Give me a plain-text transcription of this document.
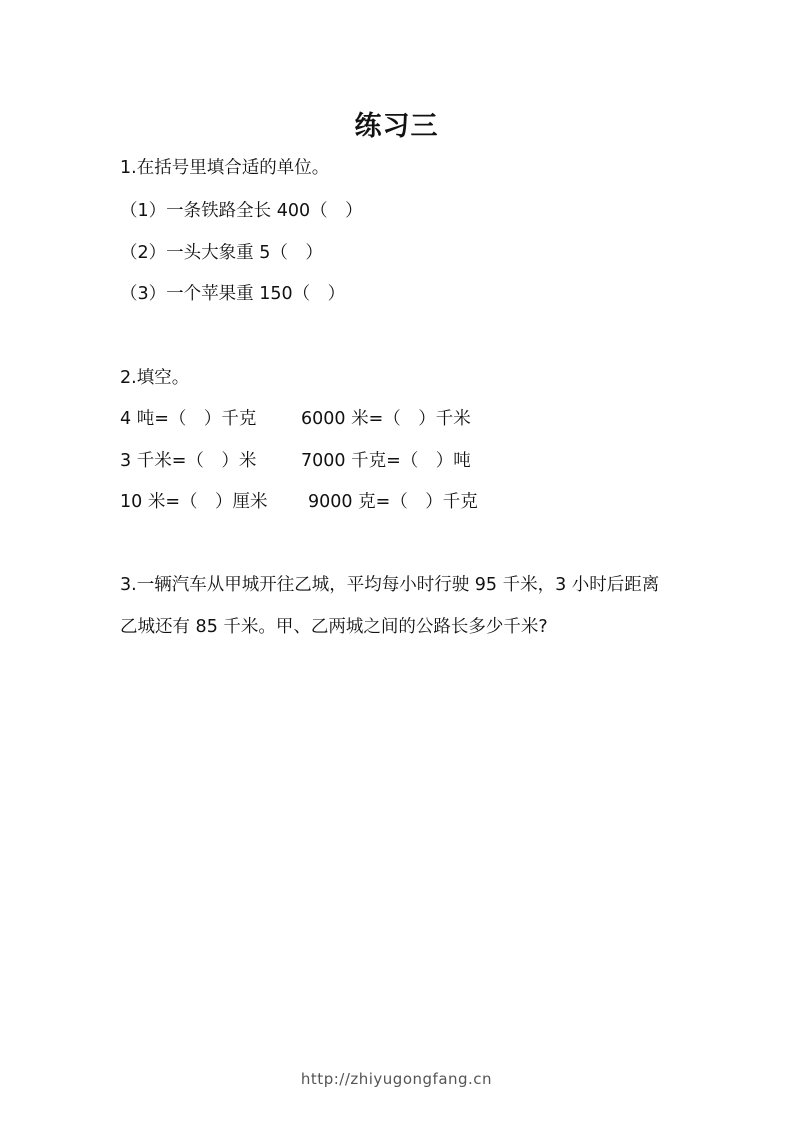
练习三
1.在括号里填合适的单位。
（1）一条铁路全长 400（　）
（2）一头大象重 5（　）
（3）一个苹果重 150（　）
2.填空。
4 吨=（　）千克	6000 米=（　）千米
3 千米=（　）米	7000 千克=（　）吨
10 米=（　）厘米 9000 克=（　）千克
3.一辆汽车从甲城开往乙城，平均每小时行驶 95 千米，3 小时后距离
乙城还有 85 千米。甲、乙两城之间的公路长多少千米?
http://zhiyugongfang.cn
